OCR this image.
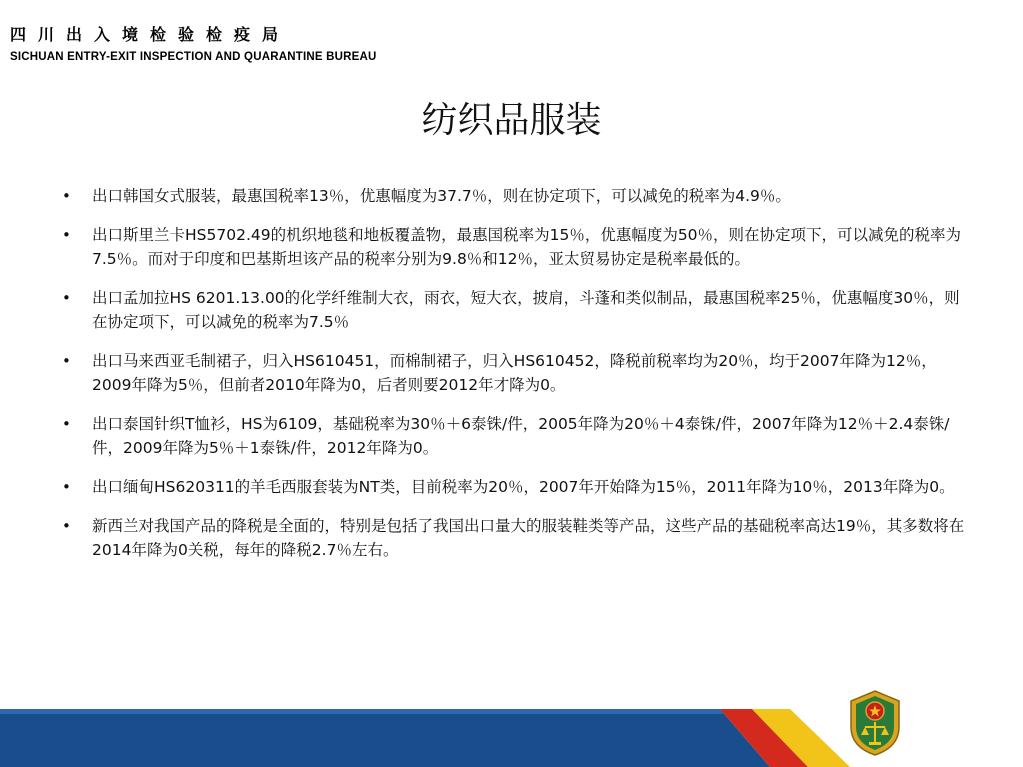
四川出入境检验检疫局
SICHUAN ENTRY-EXIT INSPECTION AND QUARANTINE BUREAU
纺织品服装
• 出口韩国女式服装，最惠国税率13％，优惠幅度为37.7％，则在协定项下，可以减免的税率为4.9％。
• 出口斯里兰卡HS5702.49的机织地毯和地板覆盖物，最惠国税率为15％，优惠幅度为50％，则在协定项下，可以减免的税率为7.5％。而对于印度和巴基斯坦该产品的税率分别为9.8％和12％，亚太贸易协定是税率最低的。
• 出口孟加拉HS 6201.13.00的化学纤维制大衣，雨衣，短大衣，披肩，斗蓬和类似制品，最惠国税率25％，优惠幅度30％，则在协定项下，可以减免的税率为7.5％
• 出口马来西亚毛制裙子，归入HS610451，而棉制裙子，归入HS610452，降税前税率均为20％，均于2007年降为12％，2009年降为5％，但前者2010年降为0，后者则要2012年才降为0。
• 出口泰国针织T恤衫，HS为6109，基础税率为30％＋6泰铢/件，2005年降为20％＋4泰铢/件，2007年降为12％＋2.4泰铢/件，2009年降为5％＋1泰铢/件，2012年降为0。
• 出口缅甸HS620311的羊毛西服套装为NT类，目前税率为20％，2007年开始降为15％，2011年降为10％，2013年降为0。
• 新西兰对我国产品的降税是全面的，特别是包括了我国出口量大的服装鞋类等产品，这些产品的基础税率高达19％，其多数将在2014年降为0关税，每年的降税2.7％左右。
